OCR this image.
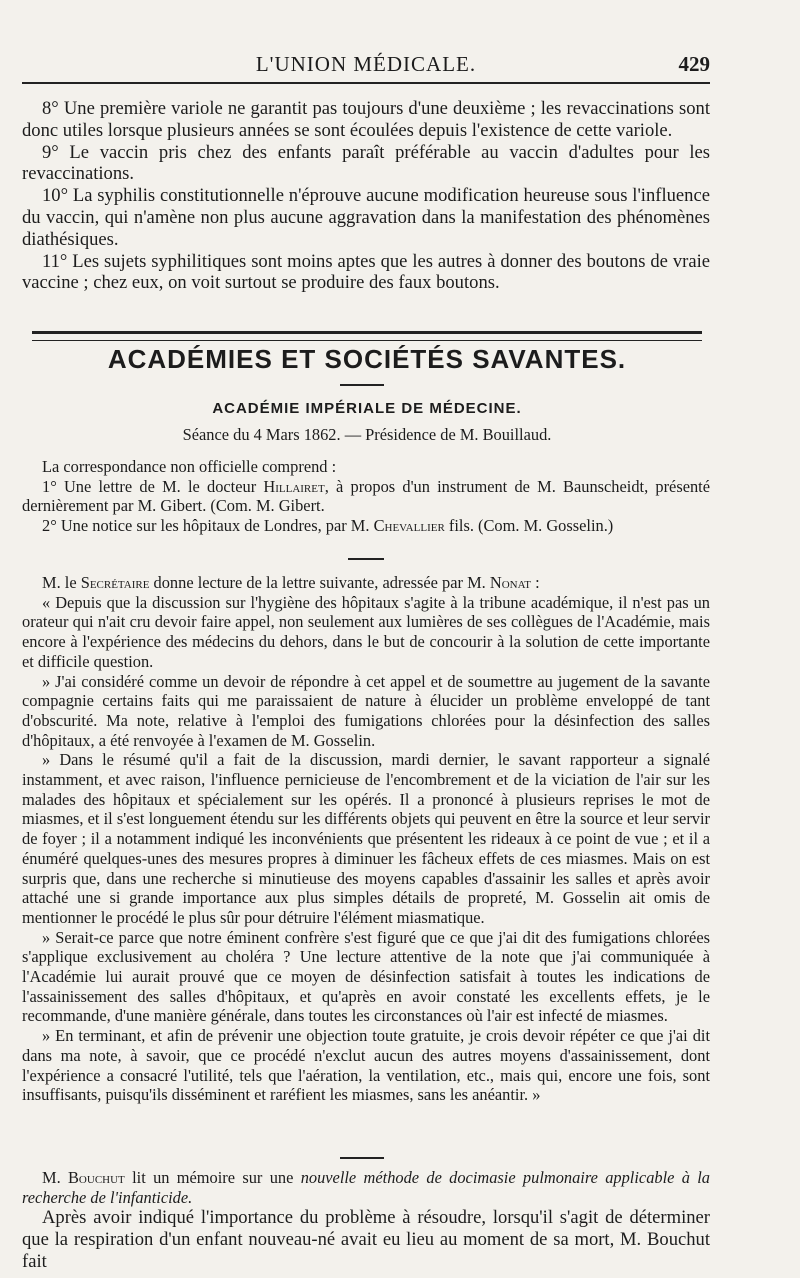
L'UNION MÉDICALE.	429

8° Une première variole ne garantit pas toujours d'une deuxième ; les revaccinations sont donc utiles lorsque plusieurs années se sont écoulées depuis l'existence de cette variole.

9° Le vaccin pris chez des enfants paraît préférable au vaccin d'adultes pour les revaccinations.

10° La syphilis constitutionnelle n'éprouve aucune modification heureuse sous l'influence du vaccin, qui n'amène non plus aucune aggravation dans la manifestation des phénomènes diathésiques.

11° Les sujets syphilitiques sont moins aptes que les autres à donner des boutons de vraie vaccine ; chez eux, on voit surtout se produire des faux boutons.

ACADÉMIES ET SOCIÉTÉS SAVANTES.
ACADÉMIE IMPÉRIALE DE MÉDECINE.
Séance du 4 Mars 1862. — Présidence de M. Bouillaud.

La correspondance non officielle comprend :

1° Une lettre de M. le docteur Hillairet, à propos d'un instrument de M. Baunscheidt, présenté dernièrement par M. Gibert. (Com. M. Gibert.

2° Une notice sur les hôpitaux de Londres, par M. Chevallier fils. (Com. M. Gosselin.)

M. le Secrétaire donne lecture de la lettre suivante, adressée par M. Nonat :

« Depuis que la discussion sur l'hygiène des hôpitaux s'agite à la tribune académique, il n'est pas un orateur qui n'ait cru devoir faire appel, non seulement aux lumières de ses collègues de l'Académie, mais encore à l'expérience des médecins du dehors, dans le but de concourir à la solution de cette importante et difficile question.

» J'ai considéré comme un devoir de répondre à cet appel et de soumettre au jugement de la savante compagnie certains faits qui me paraissaient de nature à élucider un problème enveloppé de tant d'obscurité. Ma note, relative à l'emploi des fumigations chlorées pour la désinfection des salles d'hôpitaux, a été renvoyée à l'examen de M. Gosselin.

» Dans le résumé qu'il a fait de la discussion, mardi dernier, le savant rapporteur a signalé instamment, et avec raison, l'influence pernicieuse de l'encombrement et de la viciation de l'air sur les malades des hôpitaux et spécialement sur les opérés. Il a prononcé à plusieurs reprises le mot de miasmes, et il s'est longuement étendu sur les différents objets qui peuvent en être la source et leur servir de foyer ; il a notamment indiqué les inconvénients que présentent les rideaux à ce point de vue ; et il a énuméré quelques-unes des mesures propres à diminuer les fâcheux effets de ces miasmes. Mais on est surpris que, dans une recherche si minutieuse des moyens capables d'assainir les salles et après avoir attaché une si grande importance aux plus simples détails de propreté, M. Gosselin ait omis de mentionner le procédé le plus sûr pour détruire l'élément miasmatique.

» Serait-ce parce que notre éminent confrère s'est figuré que ce que j'ai dit des fumigations chlorées s'applique exclusivement au choléra ? Une lecture attentive de la note que j'ai communiquée à l'Académie lui aurait prouvé que ce moyen de désinfection satisfait à toutes les indications de l'assainissement des salles d'hôpitaux, et qu'après en avoir constaté les excellents effets, je le recommande, d'une manière générale, dans toutes les circonstances où l'air est infecté de miasmes.

» En terminant, et afin de prévenir une objection toute gratuite, je crois devoir répéter ce que j'ai dit dans ma note, à savoir, que ce procédé n'exclut aucun des autres moyens d'assainissement, dont l'expérience a consacré l'utilité, tels que l'aération, la ventilation, etc., mais qui, encore une fois, sont insuffisants, puisqu'ils disséminent et raréfient les miasmes, sans les anéantir. »

M. Bouchut lit un mémoire sur une nouvelle méthode de docimasie pulmonaire applicable à la recherche de l'infanticide.

Après avoir indiqué l'importance du problème à résoudre, lorsqu'il s'agit de déterminer que la respiration d'un enfant nouveau-né avait eu lieu au moment de sa mort, M. Bouchut fait
